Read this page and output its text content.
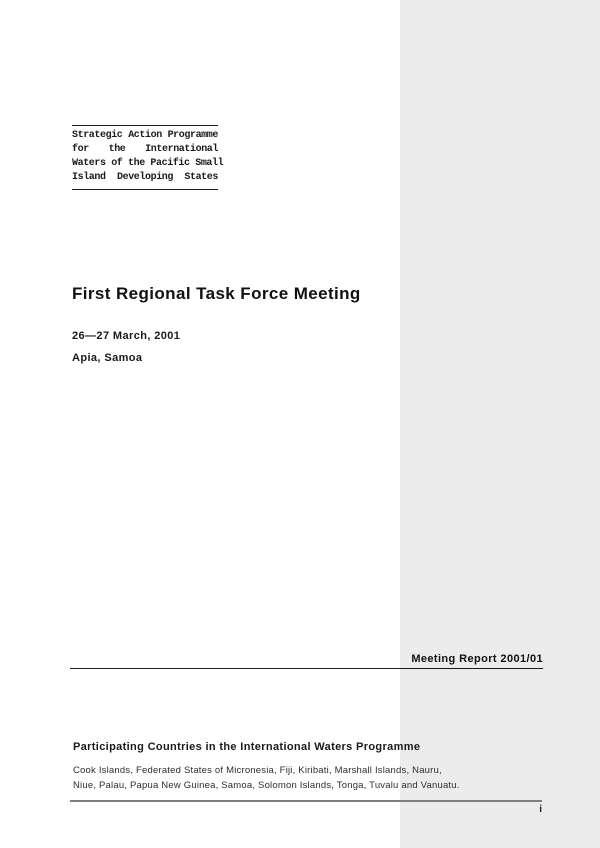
Strategic Action Programme
for the International
Waters of the Pacific Small
Island Developing States
First Regional Task Force Meeting
26—27 March, 2001
Apia, Samoa
Meeting Report 2001/01
Participating Countries in the International Waters Programme
Cook Islands, Federated States of Micronesia, Fiji, Kiribati, Marshall Islands, Nauru, Niue, Palau, Papua New Guinea, Samoa, Solomon Islands, Tonga, Tuvalu and Vanuatu.
i
